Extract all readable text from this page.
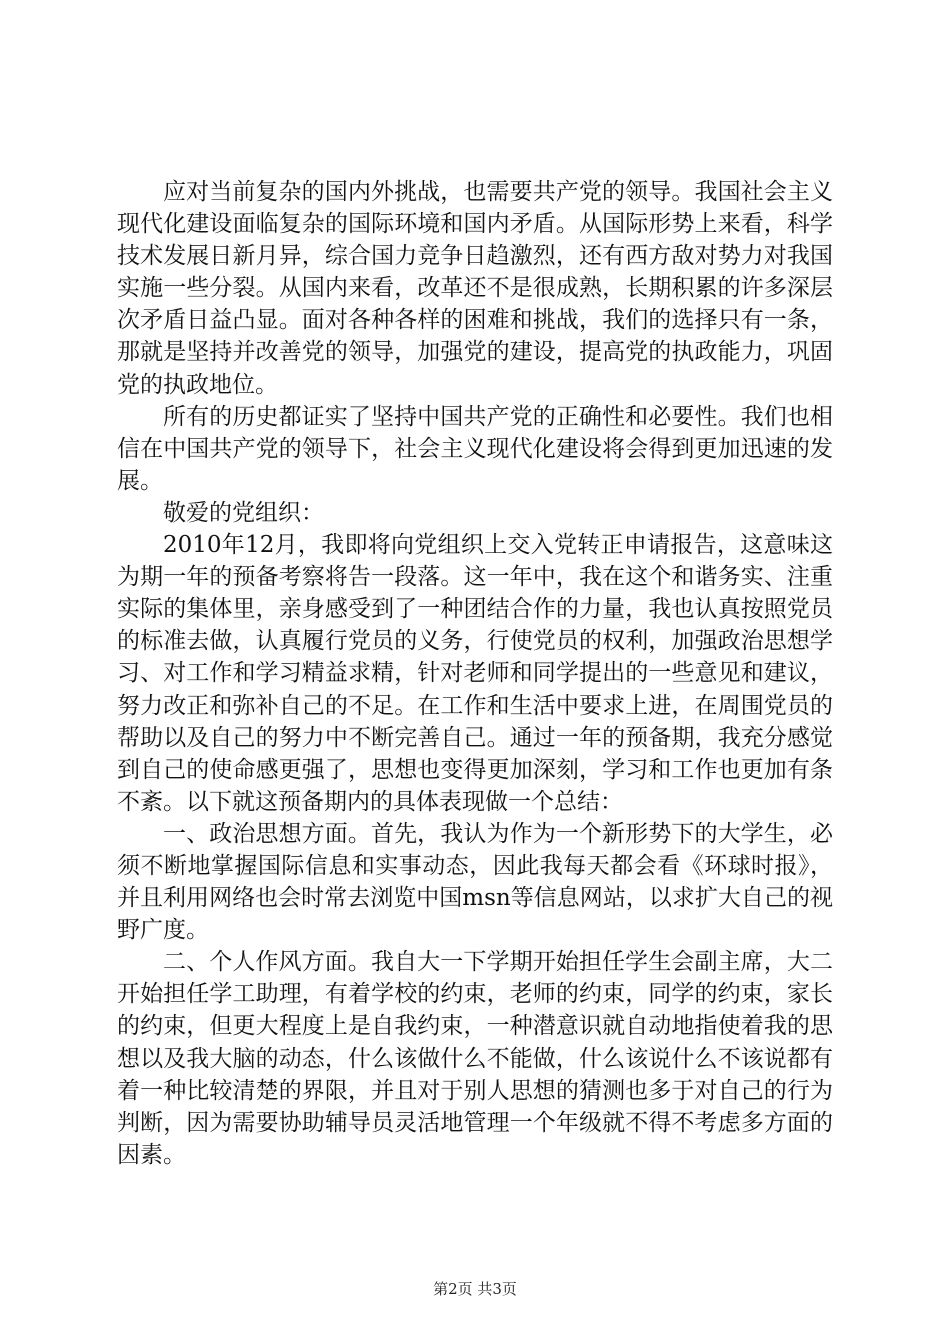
应对当前复杂的国内外挑战，也需要共产党的领导。我国社会主义现代化建设面临复杂的国际环境和国内矛盾。从国际形势上来看，科学技术发展日新月异，综合国力竞争日趋激烈，还有西方敌对势力对我国实施一些分裂。从国内来看，改革还不是很成熟，长期积累的许多深层次矛盾日益凸显。面对各种各样的困难和挑战，我们的选择只有一条，那就是坚持并改善党的领导，加强党的建设，提高党的执政能力，巩固党的执政地位。

所有的历史都证实了坚持中国共产党的正确性和必要性。我们也相信在中国共产党的领导下，社会主义现代化建设将会得到更加迅速的发展。

敬爱的党组织：

2010年12月，我即将向党组织上交入党转正申请报告，这意味这为期一年的预备考察将告一段落。这一年中，我在这个和谐务实、注重实际的集体里，亲身感受到了一种团结合作的力量，我也认真按照党员的标准去做，认真履行党员的义务，行使党员的权利，加强政治思想学习、对工作和学习精益求精，针对老师和同学提出的一些意见和建议，努力改正和弥补自己的不足。在工作和生活中要求上进，在周围党员的帮助以及自己的努力中不断完善自己。通过一年的预备期，我充分感觉到自己的使命感更强了，思想也变得更加深刻，学习和工作也更加有条不紊。以下就这预备期内的具体表现做一个总结：

一、政治思想方面。首先，我认为作为一个新形势下的大学生，必须不断地掌握国际信息和实事动态，因此我每天都会看《环球时报》，并且利用网络也会时常去浏览中国msn等信息网站，以求扩大自己的视野广度。

二、个人作风方面。我自大一下学期开始担任学生会副主席，大二开始担任学工助理，有着学校的约束，老师的约束，同学的约束，家长的约束，但更大程度上是自我约束，一种潜意识就自动地指使着我的思想以及我大脑的动态，什么该做什么不能做，什么该说什么不该说都有着一种比较清楚的界限，并且对于别人思想的猜测也多于对自己的行为判断，因为需要协助辅导员灵活地管理一个年级就不得不考虑多方面的因素。

第2页 共3页
